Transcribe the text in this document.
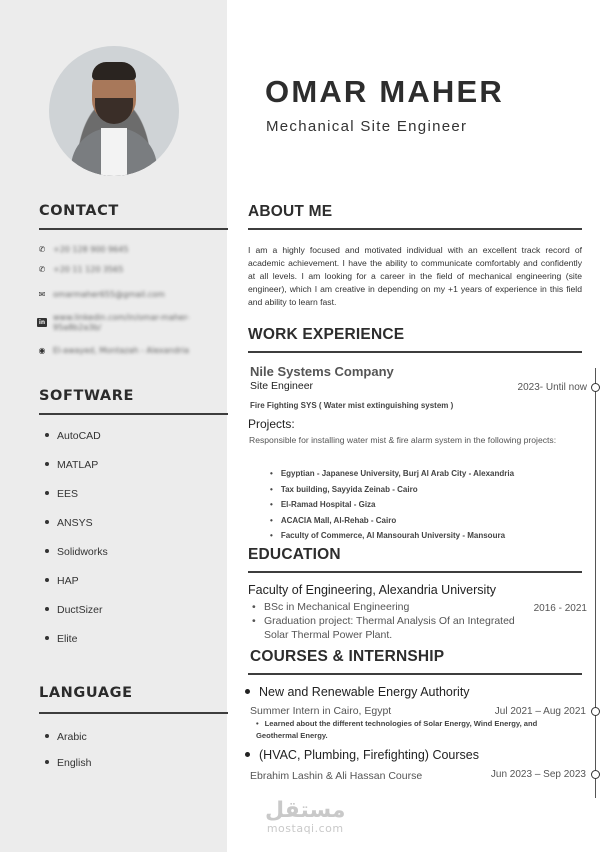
CONTACT
✆ +20 128 900 9645
✆ +20 11 120 3565
✉ omarmaher655@gmail.com
in
www.linkedin.com/in/omar-maher-95a8b2a3b/
◉ El-awayed, Montazah - Alexandria
SOFTWARE
AutoCAD
MATLAP
EES
ANSYS
Solidworks
HAP
DuctSizer
Elite
LANGUAGE
Arabic
English
OMAR MAHER
Mechanical Site Engineer
ABOUT ME
I am a highly focused and motivated individual with an excellent track record of academic achievement. I have the ability to communicate comfortably and confidently at all levels. I am looking for a career in the field of mechanical engineering (site engineer), which I am creative in depending on my +1 years of experience in this field and ability to learn fast.
WORK EXPERIENCE
Nile Systems Company
Site Engineer	2023- Until now
Fire Fighting SYS ( Water mist extinguishing system )
Projects:
Responsible for installing water mist & fire alarm system in the following projects:
• Egyptian - Japanese University, Burj Al Arab City - Alexandria
• Tax building, Sayyida Zeinab - Cairo
• El-Ramad Hospital - Giza
• ACACIA Mall, Al-Rehab - Cairo
• Faculty of Commerce, Al Mansourah University - Mansoura
EDUCATION
Faculty of Engineering, Alexandria University
• BSc in Mechanical Engineering
• Graduation project: Thermal Analysis Of an Integrated
Solar Thermal Power Plant.
2016 - 2021
COURSES & INTERNSHIP
New and Renewable Energy Authority
Summer Intern in Cairo, Egypt	Jul 2021 – Aug 2021
• Learned about the different technologies of Solar Energy, Wind Energy, and Geothermal Energy.
(HVAC, Plumbing, Firefighting) Courses
Ebrahim Lashin & Ali Hassan Course	Jun 2023 – Sep 2023
مستقل
mostaqi.com
